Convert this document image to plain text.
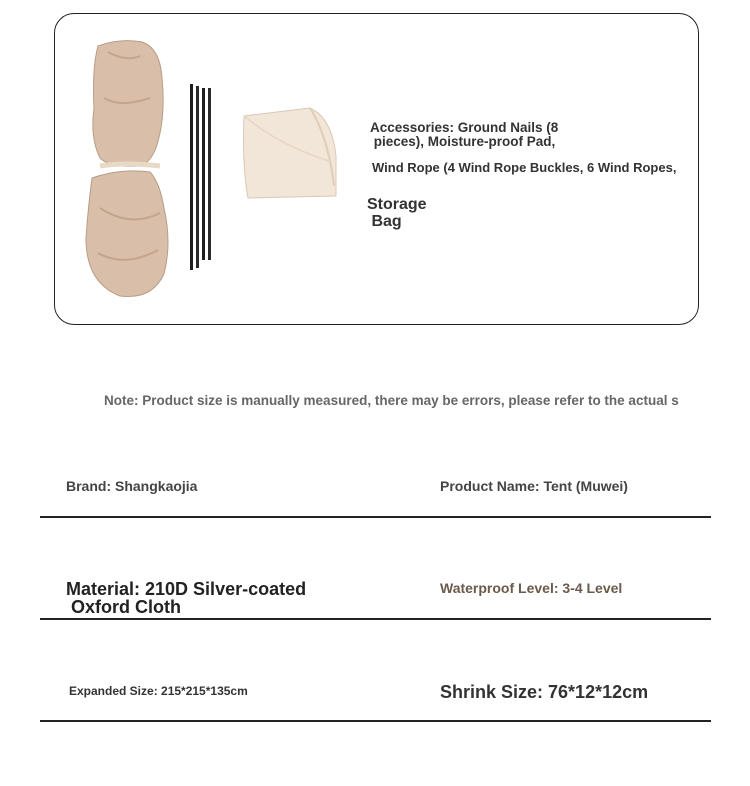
Accessories: Ground Nails (8
pieces), Moisture-proof Pad,
Wind Rope (4 Wind Rope Buckles, 6 Wind Ropes,
Storage
Bag
Note: Product size is manually measured, there may be errors, please refer to the actual s
Brand: Shangkaojia	Product Name: Tent (Muwei)
Material: 210D Silver-coated
Oxford Cloth
Waterproof Level: 3-4 Level
Expanded Size: 215*215*135cm	Shrink Size: 76*12*12cm
